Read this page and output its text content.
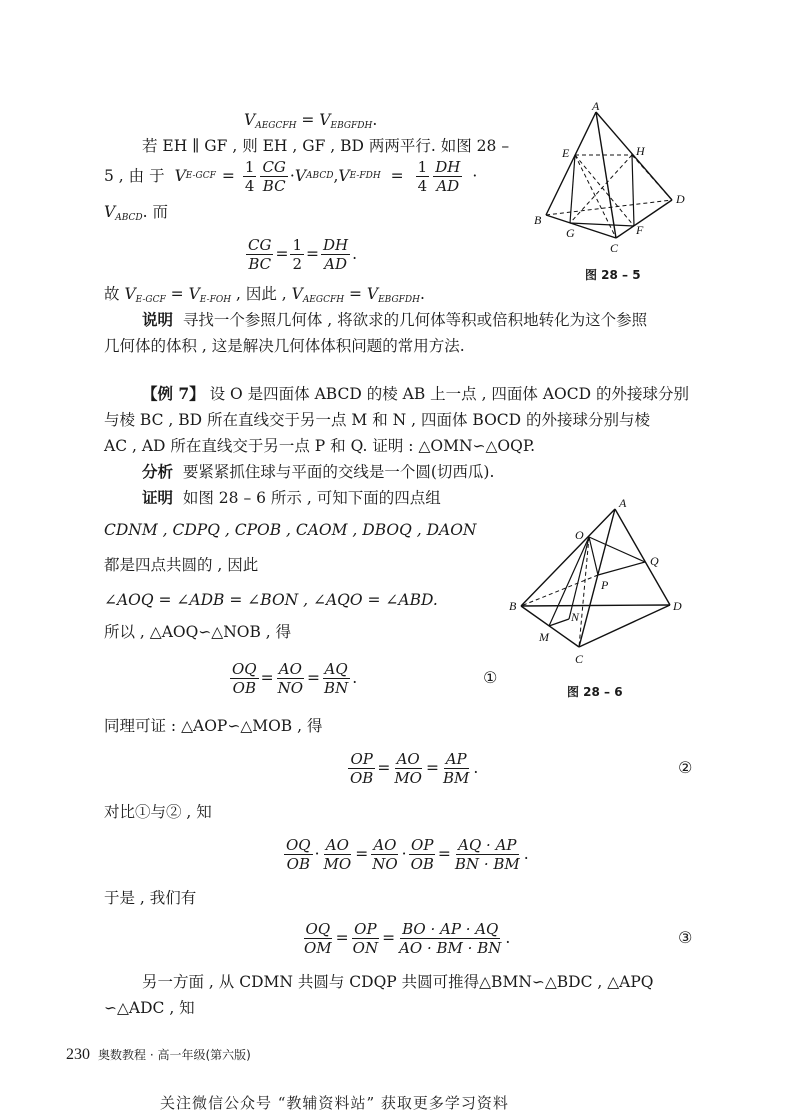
$V_{AEGCFH} = V_{EBGFDH}$.
若 EH ∥ GF , 则 EH , GF , BD 两两平行. 如图 28 –
5 , 由 于 V $E-GCF = \frac{1}{4} \frac{CG}{BC} \cdot V$ ABCD , V $E-FDH = \frac{1}{4} \frac{DH}{AD}$ ·
$V_{ABCD}$. 而
$\frac{CG}{BC} = \frac{1}{2} = \frac{DH}{AD}$ .
故 $V_{E-GCF} = V_{E-FOH}$ , 因此 , $V_{AEGCFH} = V_{EBGFDH}$.
说明 寻找一个参照几何体 , 将欲求的几何体等积或倍积地转化为这个参照
几何体的体积 , 这是解决几何体体积问题的常用方法.
A
E	H
B
D
G
C
F
图 28 – 5
【例 7】 设 O 是四面体 ABCD 的棱 AB 上一点 , 四面体 AOCD 的外接球分别
与棱 BC , BD 所在直线交于另一点 M 和 N , 四面体 BOCD 的外接球分别与棱
AC , AD 所在直线交于另一点 P 和 Q. 证明 : △OMN∽△OQP.
分析 要紧紧抓住球与平面的交线是一个圆(切西瓜).
证明 如图 28 – 6 所示 , 可知下面的四点组
CDNM , CDPQ , CPOB , CAOM , DBOQ , DAON
都是四点共圆的 , 因此
∠AOQ = ∠ADB = ∠BON , ∠AQO = ∠ABD.
所以 , △AOQ∽△NOB , 得
A
O
Q
P
B
N
D
M
C
图 28 – 6
$\frac{OQ}{OB} = \frac{AO}{NO} = \frac{AQ}{BN}$ .	①
同理可证 : △AOP∽△MOB , 得
$\frac{OP}{OB} = \frac{AO}{MO} = \frac{AP}{BM}$ .	②
对比①与② , 知
$\frac{OQ}{OB} \cdot \frac{AO}{MO} = \frac{AO}{NO} \cdot \frac{OP}{OB} = \frac{AQ \cdot AP}{BN \cdot BM}$ .
于是 , 我们有
$\frac{OQ}{OM} = \frac{OP}{ON} = \frac{BO \cdot AP \cdot AQ}{AO \cdot BM \cdot BN}$ .	③
另一方面 , 从 CDMN 共圆与 CDQP 共圆可推得△BMN∽△BDC , △APQ
∽△ADC , 知
230 奥数教程 · 高一年级(第六版)
关注微信公众号 “教辅资料站” 获取更多学习资料
